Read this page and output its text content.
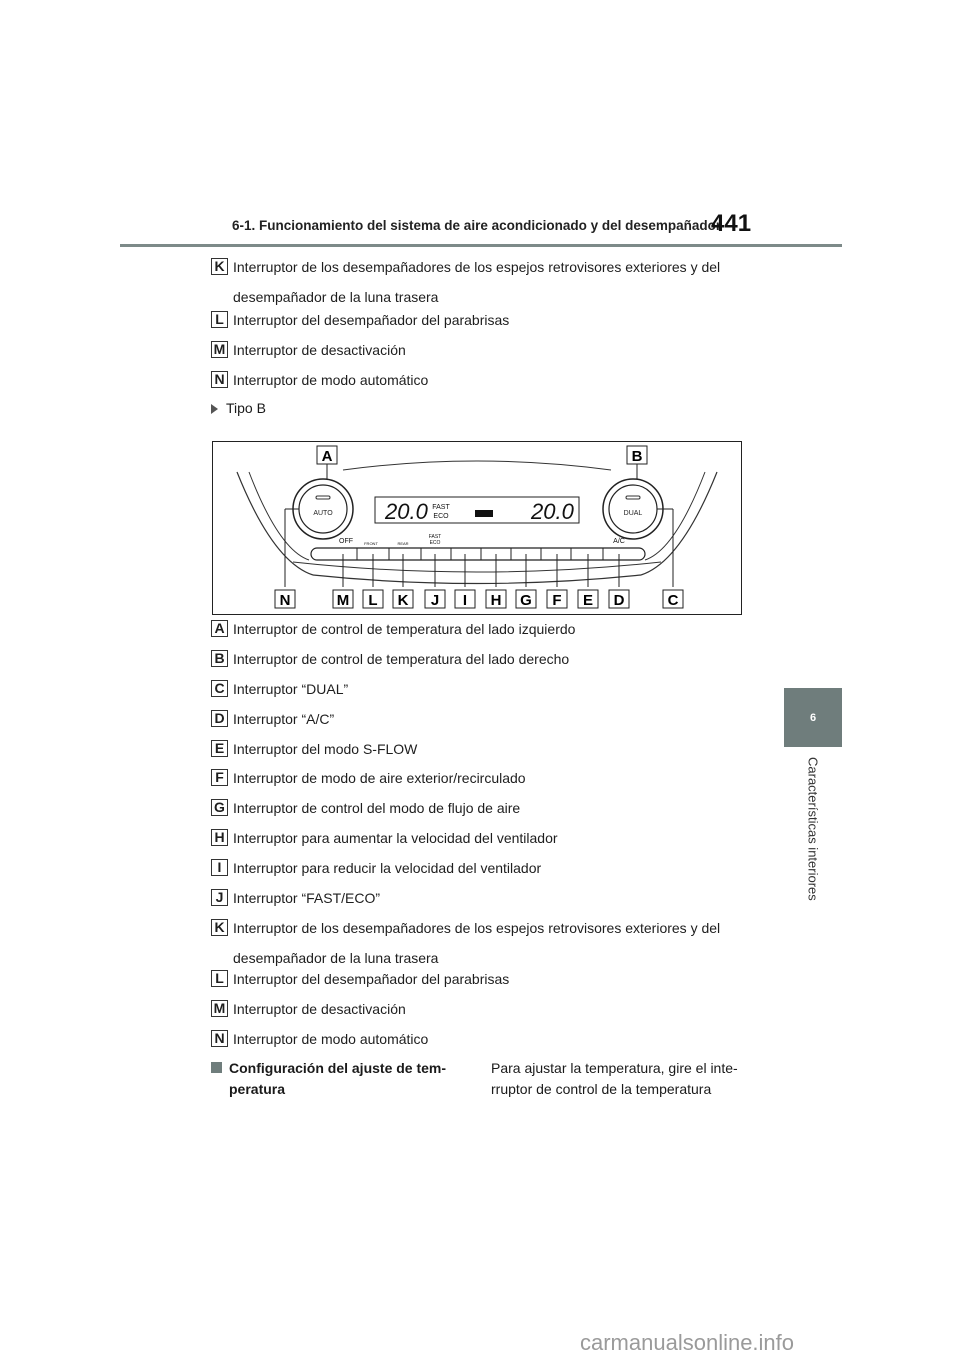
6-1. Funcionamiento del sistema de aire acondicionado y del desempañador
441
6
Características interiores
K Interruptor de los desempañadores de los espejos retrovisores exteriores y del
desempañador de la luna trasera
L Interruptor del desempañador del parabrisas
M Interruptor de desactivación
N Interruptor de modo automático
Tipo B
AUTO	DUAL
20.0 FAST
ECO	20.0
OFF	FRONT	REAR
FAST
ECO	A/C
A	B
N	M L K J I H G F E D	C
A Interruptor de control de temperatura del lado izquierdo
B Interruptor de control de temperatura del lado derecho
C Interruptor “DUAL”
D Interruptor “A/C”
E Interruptor del modo S-FLOW
F Interruptor de modo de aire exterior/recirculado
G Interruptor de control del modo de flujo de aire
H Interruptor para aumentar la velocidad del ventilador
I Interruptor para reducir la velocidad del ventilador
J Interruptor “FAST/ECO”
K Interruptor de los desempañadores de los espejos retrovisores exteriores y del
desempañador de la luna trasera
L Interruptor del desempañador del parabrisas
M Interruptor de desactivación
N Interruptor de modo automático
Configuración del ajuste de tem-peratura
Para ajustar la temperatura, gire el inte-rruptor de control de la temperatura
carmanualsonline.info
